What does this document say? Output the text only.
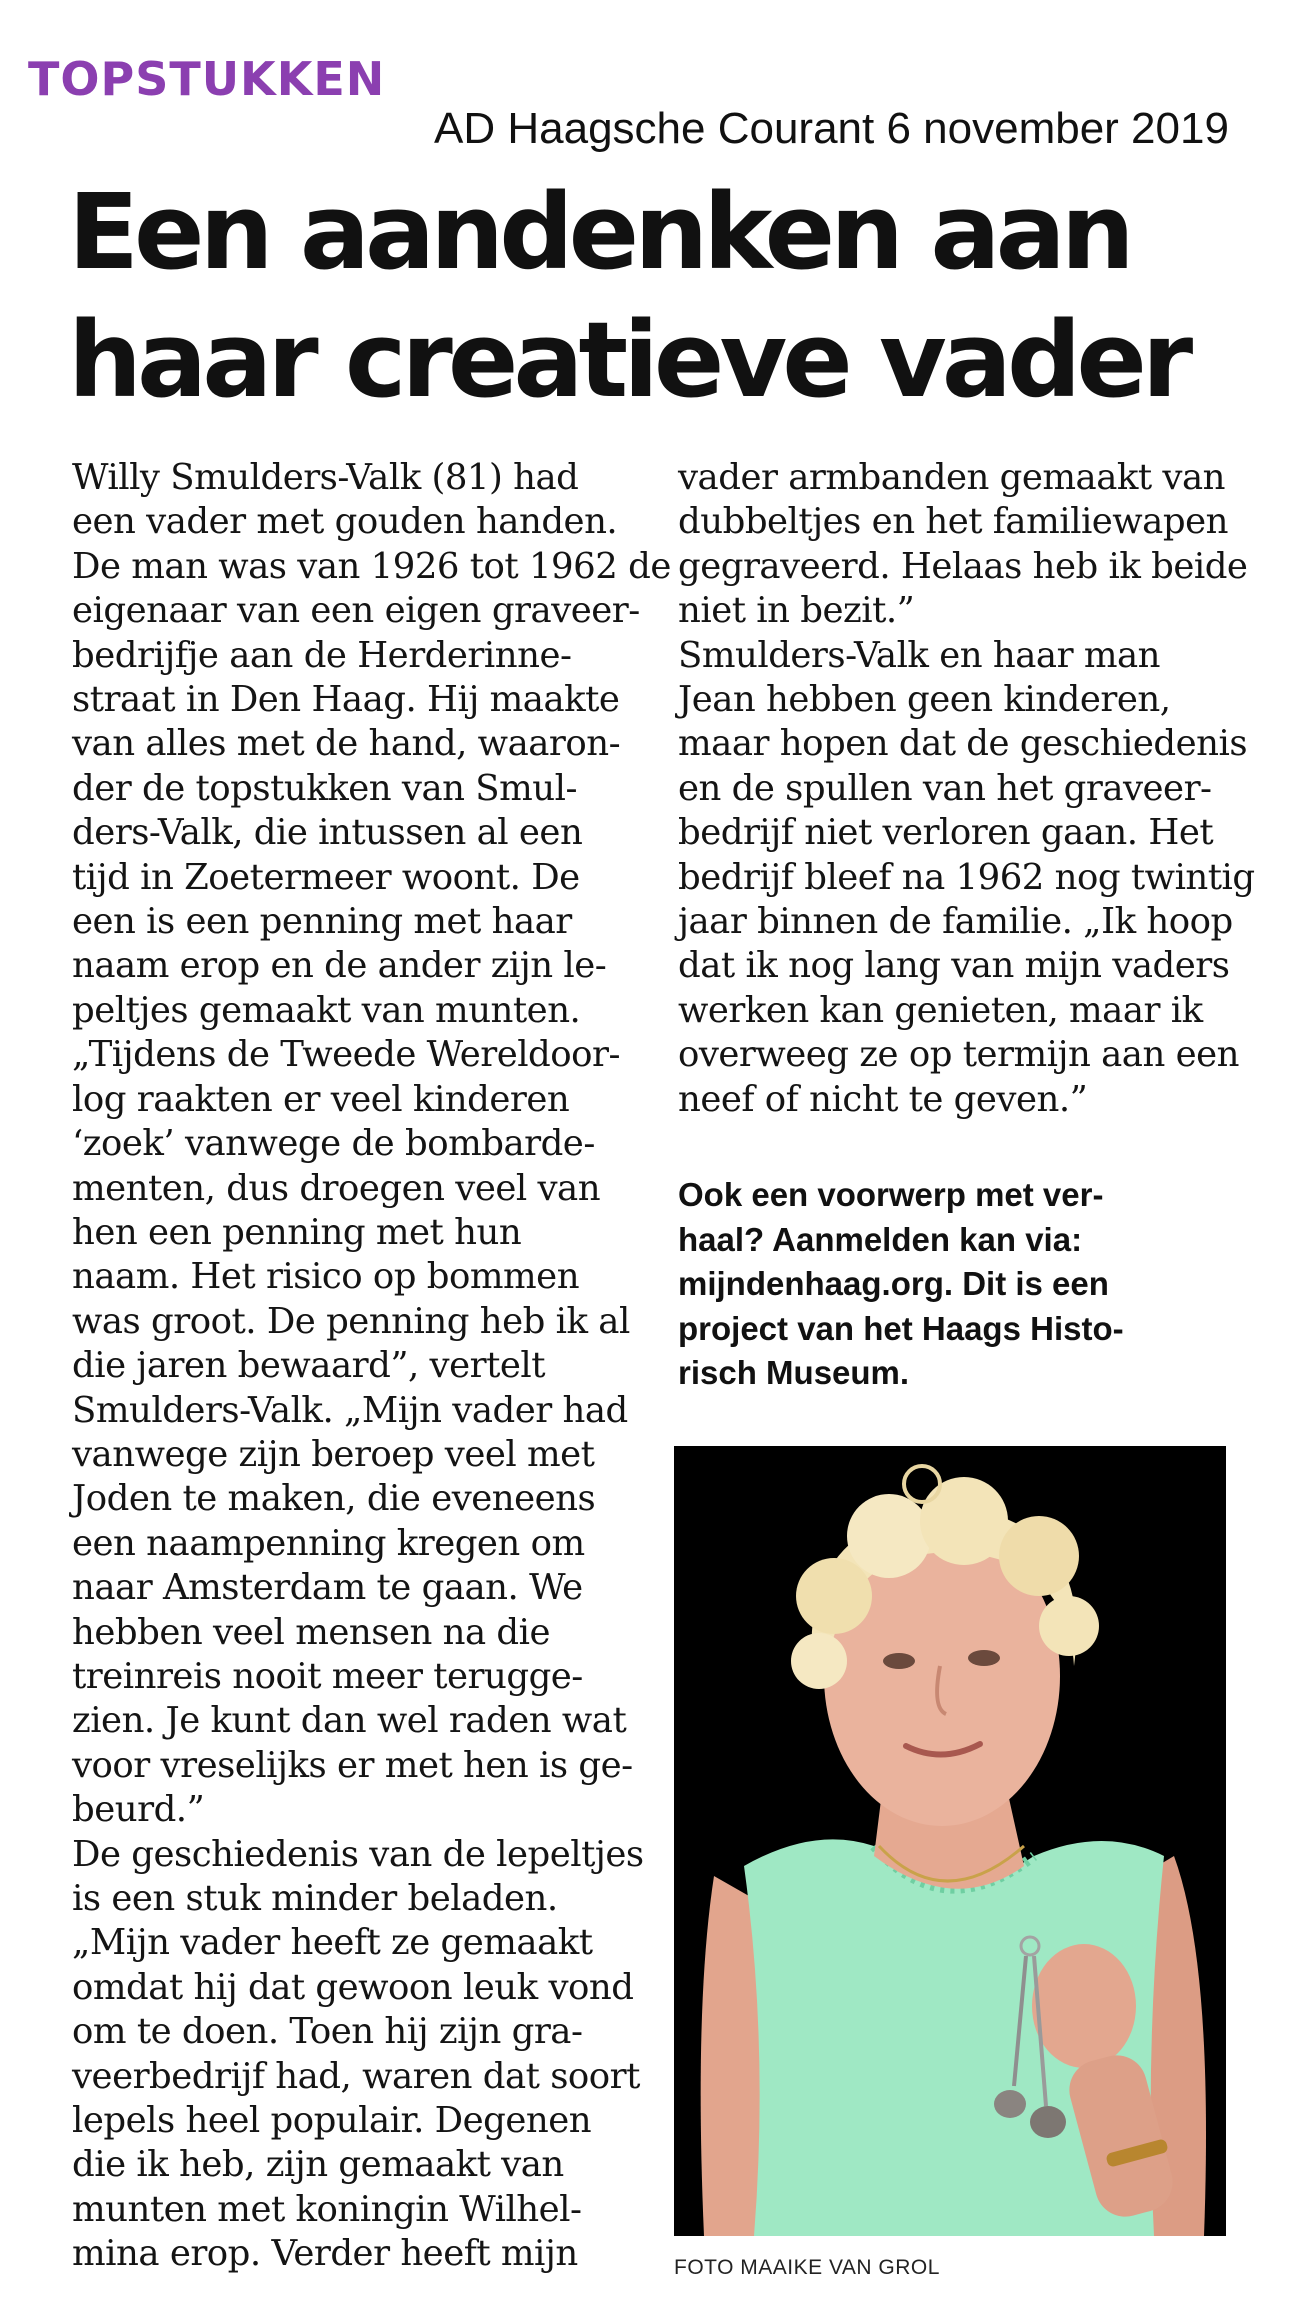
TOPSTUKKEN

AD Haagsche Courant 6 november 2019

Een aandenken aan
haar creatieve vader

Willy Smulders-Valk (81) had

een vader met gouden handen.

De man was van 1926 tot 1962 de

eigenaar van een eigen graveer-

bedrijfje aan de Herderinne-

straat in Den Haag. Hij maakte

van alles met de hand, waaron-

der de topstukken van Smul-

ders-Valk, die intussen al een

tijd in Zoetermeer woont. De

een is een penning met haar

naam erop en de ander zijn le-

peltjes gemaakt van munten.

„Tijdens de Tweede Wereldoor-

log raakten er veel kinderen

‘zoek’ vanwege de bombarde-

menten, dus droegen veel van

hen een penning met hun

naam. Het risico op bommen

was groot. De penning heb ik al

die jaren bewaard”, vertelt

Smulders-Valk. „Mijn vader had

vanwege zijn beroep veel met

Joden te maken, die eveneens

een naampenning kregen om

naar Amsterdam te gaan. We

hebben veel mensen na die

treinreis nooit meer terugge-

zien. Je kunt dan wel raden wat

voor vreselijks er met hen is ge-

beurd.”

De geschiedenis van de lepeltjes

is een stuk minder beladen.

„Mijn vader heeft ze gemaakt

omdat hij dat gewoon leuk vond

om te doen. Toen hij zijn gra-

veerbedrijf had, waren dat soort

lepels heel populair. Degenen

die ik heb, zijn gemaakt van

munten met koningin Wilhel-

mina erop. Verder heeft mijn

vader armbanden gemaakt van

dubbeltjes en het familiewapen

gegraveerd. Helaas heb ik beide

niet in bezit.”

Smulders-Valk en haar man

Jean hebben geen kinderen,

maar hopen dat de geschiedenis

en de spullen van het graveer-

bedrijf niet verloren gaan. Het

bedrijf bleef na 1962 nog twintig

jaar binnen de familie. „Ik hoop

dat ik nog lang van mijn vaders

werken kan genieten, maar ik

overweeg ze op termijn aan een

neef of nicht te geven.”

Ook een voorwerp met ver-

haal? Aanmelden kan via:

mijndenhaag.org. Dit is een

project van het Haags Histo-

risch Museum.

FOTO MAAIKE VAN GROL
